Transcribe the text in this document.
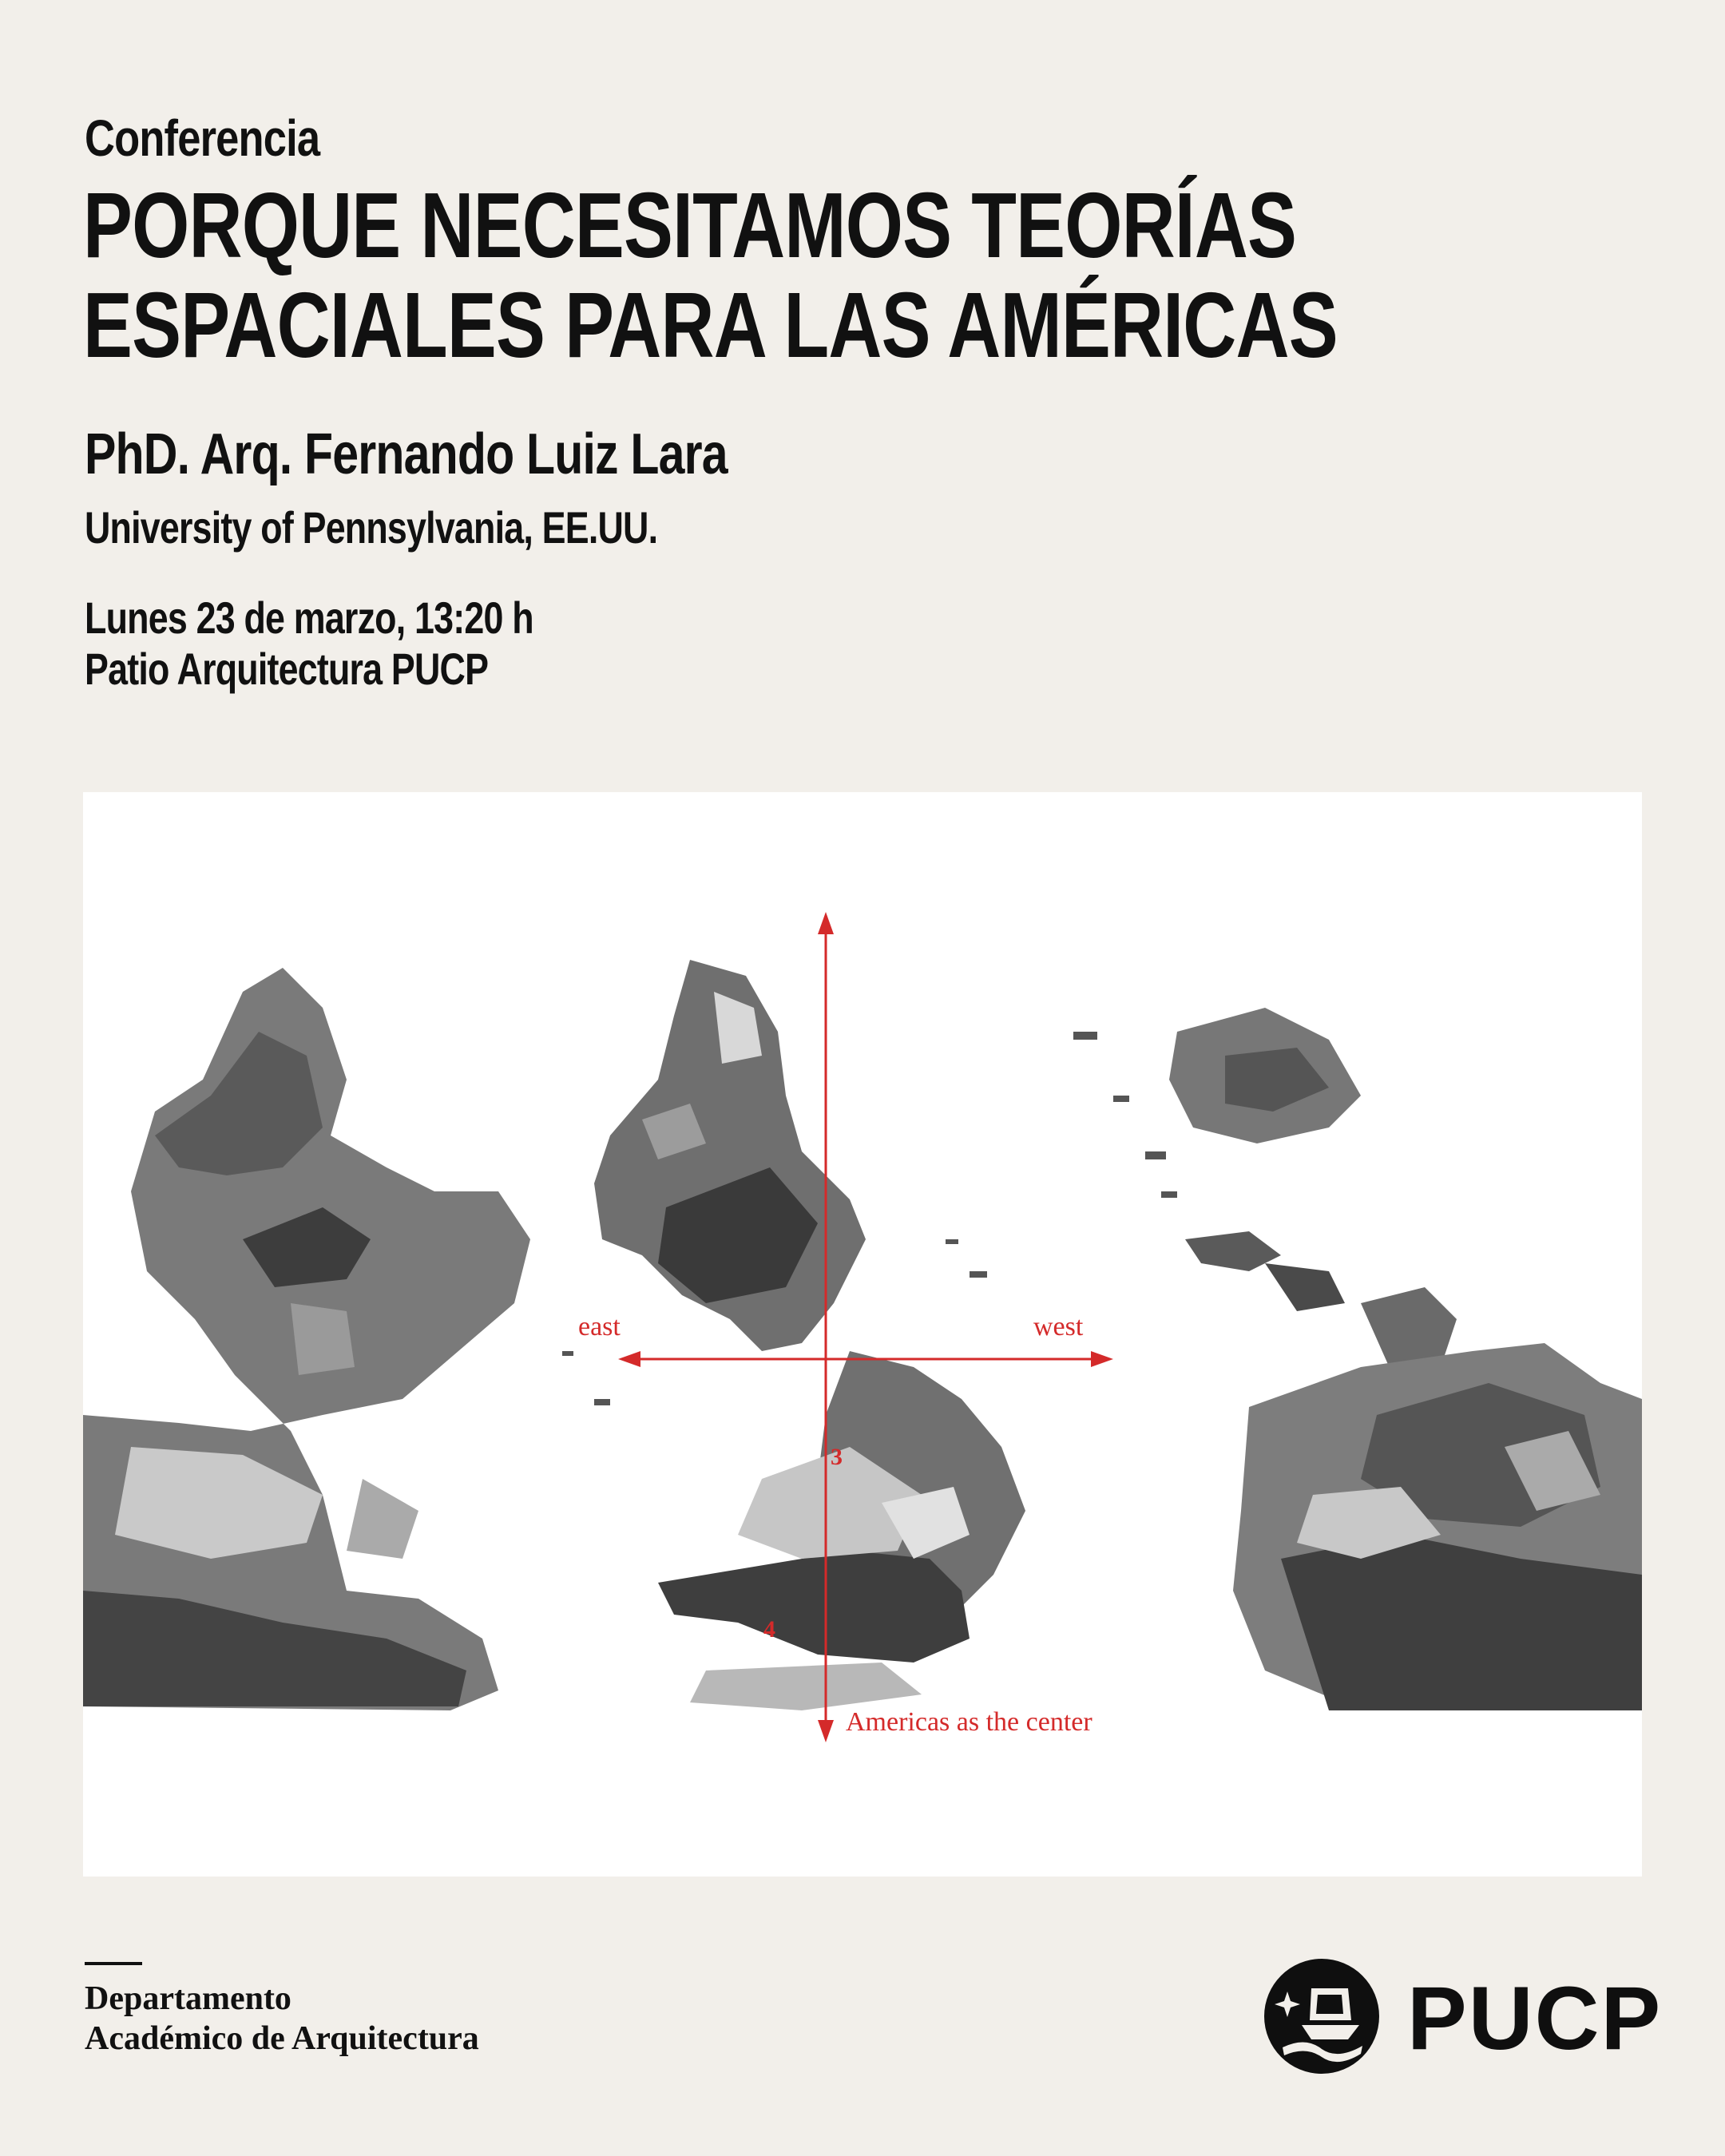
Conferencia
PORQUE NECESITAMOS TEORÍAS
ESPACIALES PARA LAS AMÉRICAS
PhD. Arq. Fernando Luiz Lara
University of Pennsylvania, EE.UU.
Lunes 23 de marzo, 13:20 h
Patio Arquitectura PUCP
east	west
3
4
Americas as the center
Departamento
Académico de Arquitectura	PUCP
